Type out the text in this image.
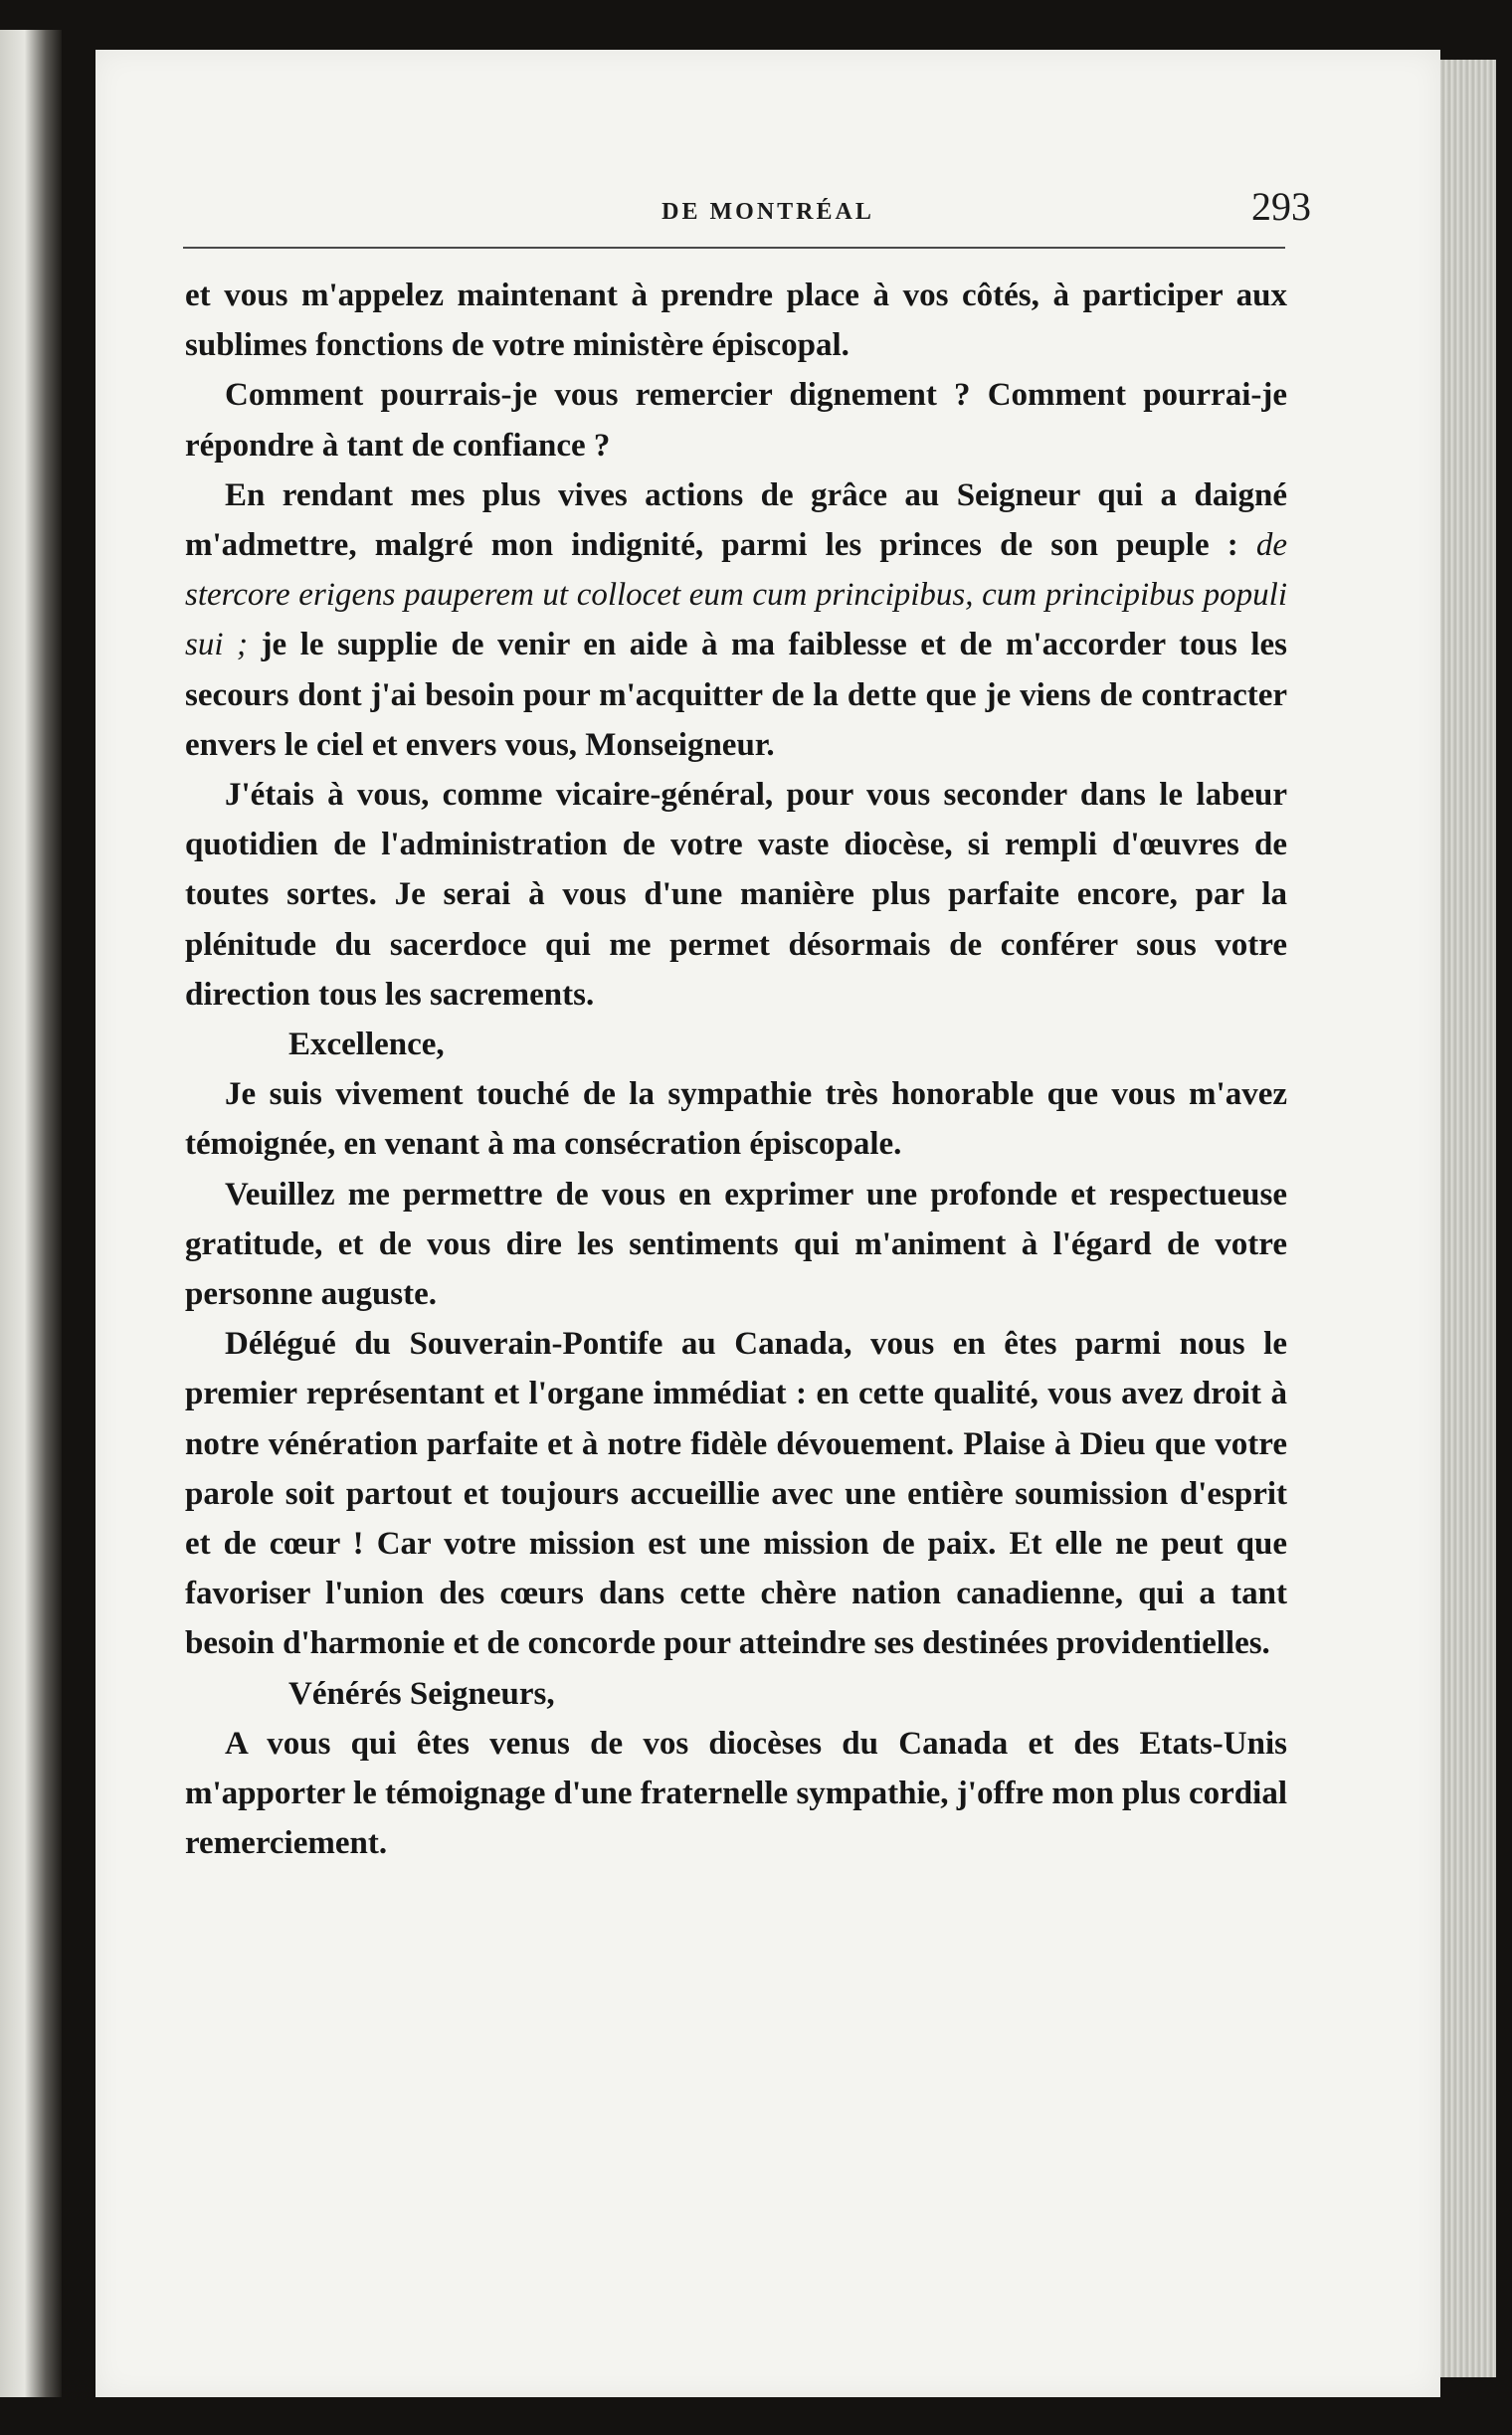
DE MONTRÉAL	293

et vous m'appelez maintenant à prendre place à vos côtés, à participer aux sublimes fonctions de votre ministère épiscopal.

Comment pourrais-je vous remercier dignement ? Comment pourrai-je répondre à tant de confiance ?

En rendant mes plus vives actions de grâce au Seigneur qui a daigné m'admettre, malgré mon indignité, parmi les princes de son peuple : de stercore erigens pauperem ut collocet eum cum principibus, cum principibus populi sui ; je le supplie de venir en aide à ma faiblesse et de m'accorder tous les secours dont j'ai besoin pour m'acquitter de la dette que je viens de contracter envers le ciel et envers vous, Monseigneur.

J'étais à vous, comme vicaire-général, pour vous seconder dans le labeur quotidien de l'administration de votre vaste diocèse, si rempli d'œuvres de toutes sortes. Je serai à vous d'une manière plus parfaite encore, par la plénitude du sacerdoce qui me permet désormais de conférer sous votre direction tous les sacrements.

Excellence,

Je suis vivement touché de la sympathie très honorable que vous m'avez témoignée, en venant à ma consécration épiscopale.

Veuillez me permettre de vous en exprimer une profonde et respectueuse gratitude, et de vous dire les sentiments qui m'animent à l'égard de votre personne auguste.

Délégué du Souverain-Pontife au Canada, vous en êtes parmi nous le premier représentant et l'organe immédiat : en cette qualité, vous avez droit à notre vénération parfaite et à notre fidèle dévouement. Plaise à Dieu que votre parole soit partout et toujours accueillie avec une entière soumission d'esprit et de cœur ! Car votre mission est une mission de paix. Et elle ne peut que favoriser l'union des cœurs dans cette chère nation canadienne, qui a tant besoin d'harmonie et de concorde pour atteindre ses destinées providentielles.

Vénérés Seigneurs,

A vous qui êtes venus de vos diocèses du Canada et des Etats-Unis m'apporter le témoignage d'une fraternelle sympathie, j'offre mon plus cordial remerciement.
